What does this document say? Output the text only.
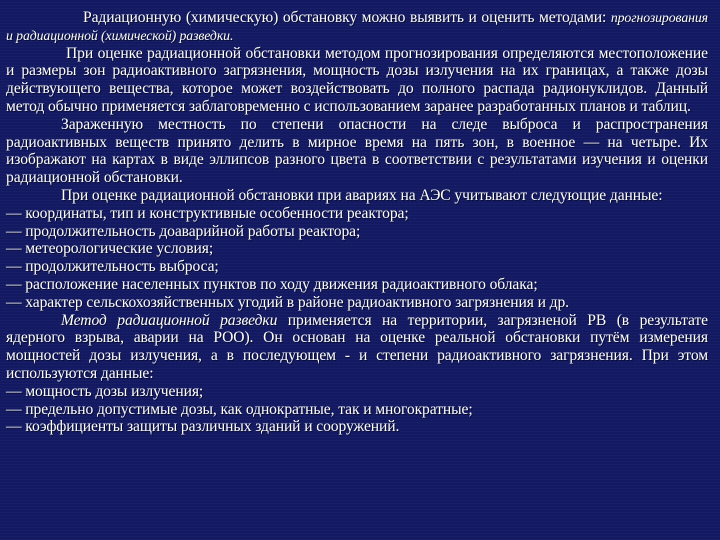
Радиационную (химическую) обстановку можно выявить и оценить методами: прогнозирования и радиационной (химической) разведки.

При оценке радиационной обстановки методом прогнозирования определяются местоположение и размеры зон радиоактивного загрязнения, мощность дозы излучения на их границах, а также дозы действующего вещества, которое может воздействовать до полного распада радионуклидов. Данный метод обычно применяется заблаговременно с использованием заранее разработанных планов и таблиц.

Зараженную местность по степени опасности на следе выброса и распространения радиоактивных веществ принято делить в мирное время на пять зон, в военное — на четыре. Их изображают на картах в виде эллипсов разного цвета в соответствии с результатами изучения и оценки радиационной обстановки.

При оценке радиационной обстановки при авариях на АЭС учитывают следующие данные:

— координаты, тип и конструктивные особенности реактора;

— продолжительность доаварийной работы реактора;

— метеорологические условия;

— продолжительность выброса;

— расположение населенных пунктов по ходу движения радиоактивного облака;

— характер сельскохозяйственных угодий в районе радиоактивного загрязнения и др.

Метод радиационной разведки применяется на территории, загрязненой РВ (в результате ядерного взрыва, аварии на РОО). Он основан на оценке реальной обстановки путём измерения мощностей дозы излучения, а в последующем - и степени радиоактивного загрязнения. При этом используются данные:

— мощность дозы излучения;

— предельно допустимые дозы, как однократные, так и многократные;

— коэффициенты защиты различных зданий и сооружений.
